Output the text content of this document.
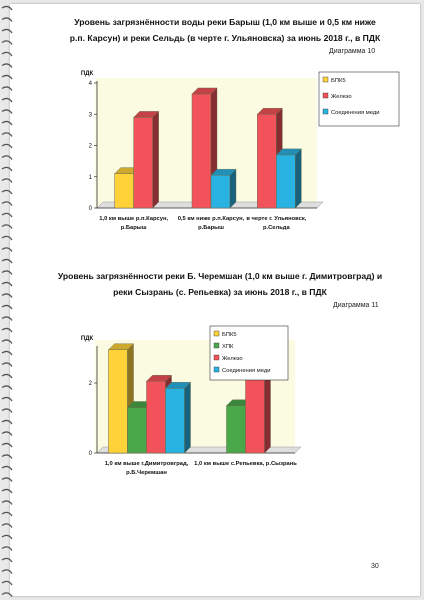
Уровень загрязнённости воды реки Барыш (1,0 км выше и 0,5 км ниже
р.п. Карсун) и реки Сельдь (в черте г. Ульяновска) за июнь 2018 г., в ПДК
Диаграмма 10
ПДК
0
1
2
3
4
1,0 км выше р.п.Карсун,
р.Барыш
0,5 км ниже р.п.Карсун,
р.Барыш
в черте г. Ульяновск,
р.Сельда
БПК5
Железо
Соединения меди
Уровень загрязнённости реки Б. Черемшан (1,0 км выше г. Димитровград) и
реки Сызрань (с. Репьевка) за июнь 2018 г., в ПДК
Диаграмма 11
ПДК
0
2
1,0 км выше г.Димитровград,
р.Б.Черемшан
1,0 км выше с.Репьевка, р.Сызрань
БПК5
ХПК
Железо
Соединения меди
30
